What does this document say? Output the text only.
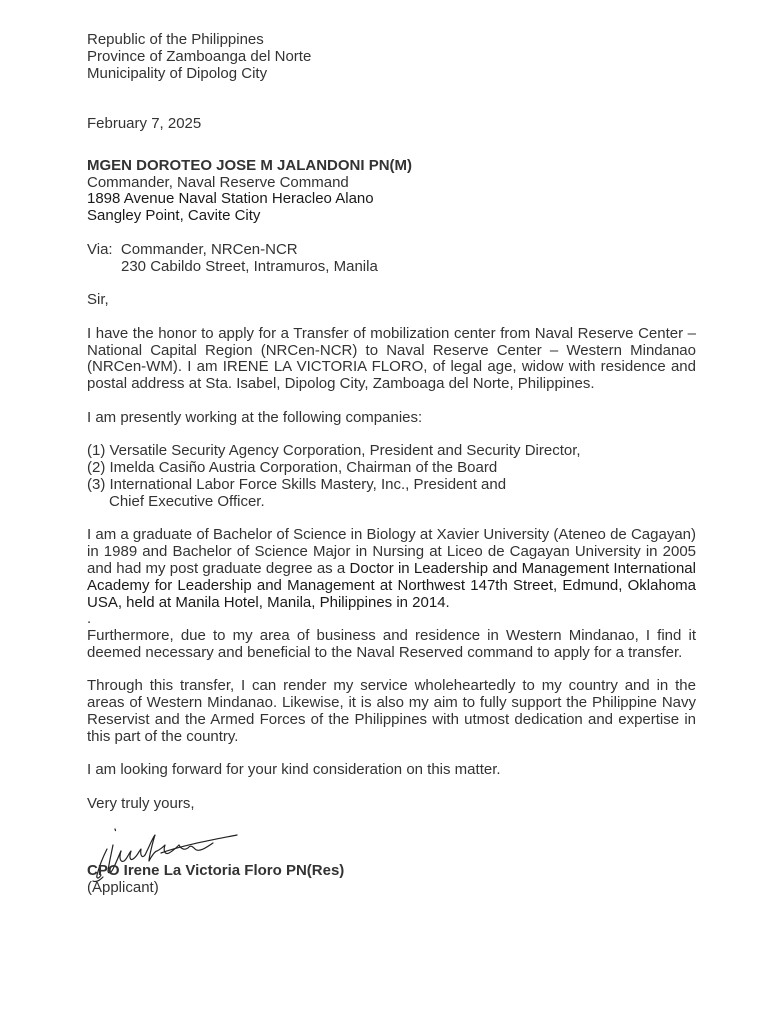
Republic of the Philippines
Province of Zamboanga del Norte
Municipality of Dipolog City
February 7, 2025
MGEN DOROTEO JOSE M JALANDONI PN(M)
Commander, Naval Reserve Command
1898 Avenue Naval Station Heracleo Alano
Sangley Point, Cavite City
Via: Commander, NRCen-NCR
230 Cabildo Street, Intramuros, Manila
Sir,

I have the honor to apply for a Transfer of mobilization center from Naval Reserve Center – National Capital Region (NRCen-NCR) to Naval Reserve Center – Western Mindanao (NRCen-WM). I am IRENE LA VICTORIA FLORO, of legal age, widow with residence and postal address at Sta. Isabel, Dipolog City, Zamboaga del Norte, Philippines.

I am presently working at the following companies:
(1) Versatile Security Agency Corporation, President and Security Director,
(2) Imelda Casiño Austria Corporation, Chairman of the Board
(3) International Labor Force Skills Mastery, Inc., President and
Chief Executive Officer.

I am a graduate of Bachelor of Science in Biology at Xavier University (Ateneo de Cagayan) in 1989 and Bachelor of Science Major in Nursing at Liceo de Cagayan University in 2005 and had my post graduate degree as a Doctor in Leadership and Management International Academy for Leadership and Management at Northwest 147th Street, Edmund, Oklahoma USA, held at Manila Hotel, Manila, Philippines in 2014.

.

Furthermore, due to my area of business and residence in Western Mindanao, I find it deemed necessary and beneficial to the Naval Reserved command to apply for a transfer.

Through this transfer, I can render my service wholeheartedly to my country and in the areas of Western Mindanao. Likewise, it is also my aim to fully support the Philippine Navy Reservist and the Armed Forces of the Philippines with utmost dedication and expertise in this part of the country.

I am looking forward for your kind consideration on this matter.
Very truly yours,
CPO Irene La Victoria Floro PN(Res)
(Applicant)
